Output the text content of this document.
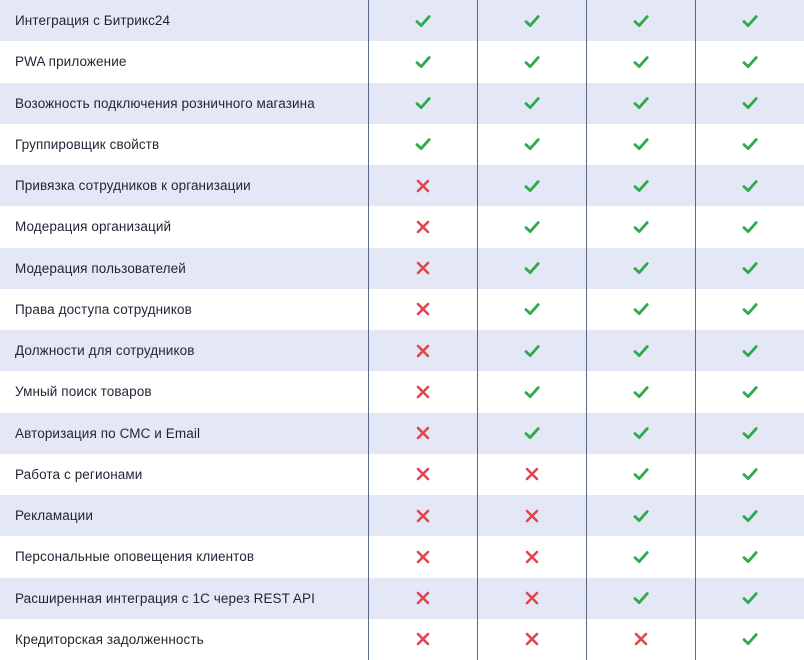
Интеграция с Битрикс24
PWA приложение
Возожность подключения розничного магазина
Группировщик свойств
Привязка сотрудников к организации
Модерация организаций
Модерация пользователей
Права доступа сотрудников
Должности для сотрудников
Умный поиск товаров
Авторизация по СМС и Email
Работа с регионами
Рекламации
Персональные оповещения клиентов
Расширенная интеграция с 1С через REST API
Кредиторская задолженность
